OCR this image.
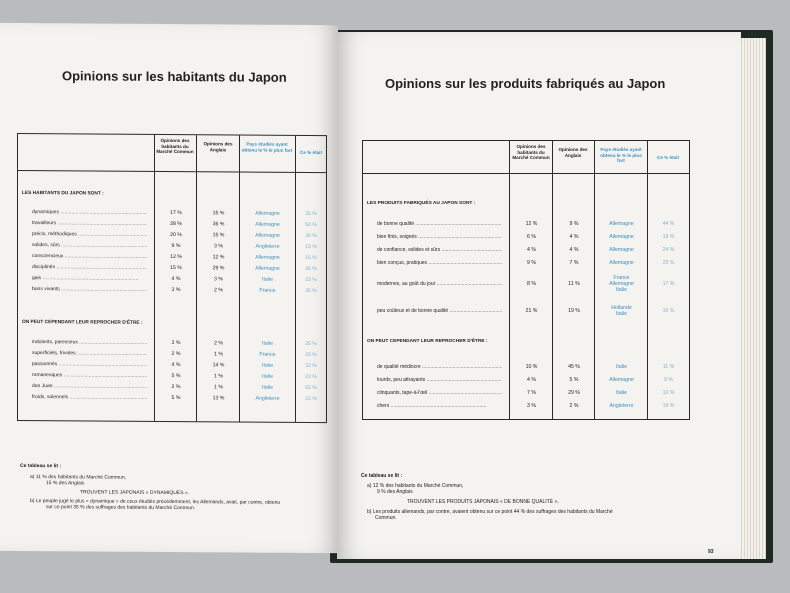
Opinions sur les habitants du Japon
Opinions des habitants du Marché Commun
Opinions des Anglais
Pays étudiés ayant obtenu le % le plus fort
Ce % était
LES HABITANTS DU JAPON SONT :
dynamiques .....	17 %	15 %	Allemagne	35 %
travailleurs .....	28 %	36 %	Allemagne	50 %
précis, méthodiques .....	20 %	15 %	Allemagne	36 %
solides, sûrs .....	9 %	3 %	Angleterre	15 %
consciencieux .....	12 %	12 %	Allemagne	15 %
disciplinés .....	15 %	29 %	Allemagne	45 %
gais .....	4 %	3 %	Italie	33 %
bons vivants .....	3 %	2 %	France	35 %
indolents, paresseux .....	3 %	2 %	Italie	25 %
superficiels, frivoles .....	2 %	1 %	France	25 %
passionnés .....	4 %	14 %	Italie	32 %
romanesques .....	5 %	1 %	Italie	23 %
don Juan .....	2 %	1 %	Italie	55 %
froids, solennels .....	5 %	13 %	Angleterre	33 %
ON PEUT CEPENDANT LEUR REPROCHER D'ÊTRE :
Ce tableau se lit :
a) 11 % des habitants du Marché Commun,
15 % des Anglais
TROUVENT LES JAPONAIS « DYNAMIQUES ».
b) Le peuple jugé le plus « dynamique » de ceux étudiés précédemment, les Allemands, avait, par contre, obtenu
sur ce point 35 % des suffrages des habitants du Marché Commun.
Opinions sur les produits fabriqués au Japon
Opinions des habitants du Marché Commun
Opinions des Anglais
Pays étudiés ayant obtenu le % le plus fort
Ce % était
LES PRODUITS FABRIQUÉS AU JAPON SONT :
de bonne qualité .....	12 %	9 %	Allemagne	44 %
bien finis, soignés .....	6 %	4 %	Allemagne	19 %
de confiance, solides et sûrs .....	4 %	4 %	Allemagne	24 %
bien conçus, pratiques .....	9 %	7 %	Allemagne	23 %
modernes, au goût du jour .....	8 %	11 %
France
Allemagne
Italie
17 %
peu coûteux et de bonne qualité .....	21 %	19 %
Hollande
Italie
16 %
de qualité médiocre .....	10 %	45 %	Italie	11 %
lourds, peu attrayants .....	4 %	5 %	Allemagne	9 %
clinquants, tape-à-l'œil .....	7 %	29 %	Italie	12 %
chers .....	3 %	2 %	Angleterre	19 %
ON PEUT CEPENDANT LEUR REPROCHER D'ÊTRE :
Ce tableau se lit :
a) 12 % des habitants du Marché Commun,
9 % des Anglais
TROUVENT LES PRODUITS JAPONAIS « DE BONNE QUALITÉ ».
b) Les produits allemands, par contre, avaient obtenu sur ce point 44 % des suffrages des habitants du Marché
Commun.
93
